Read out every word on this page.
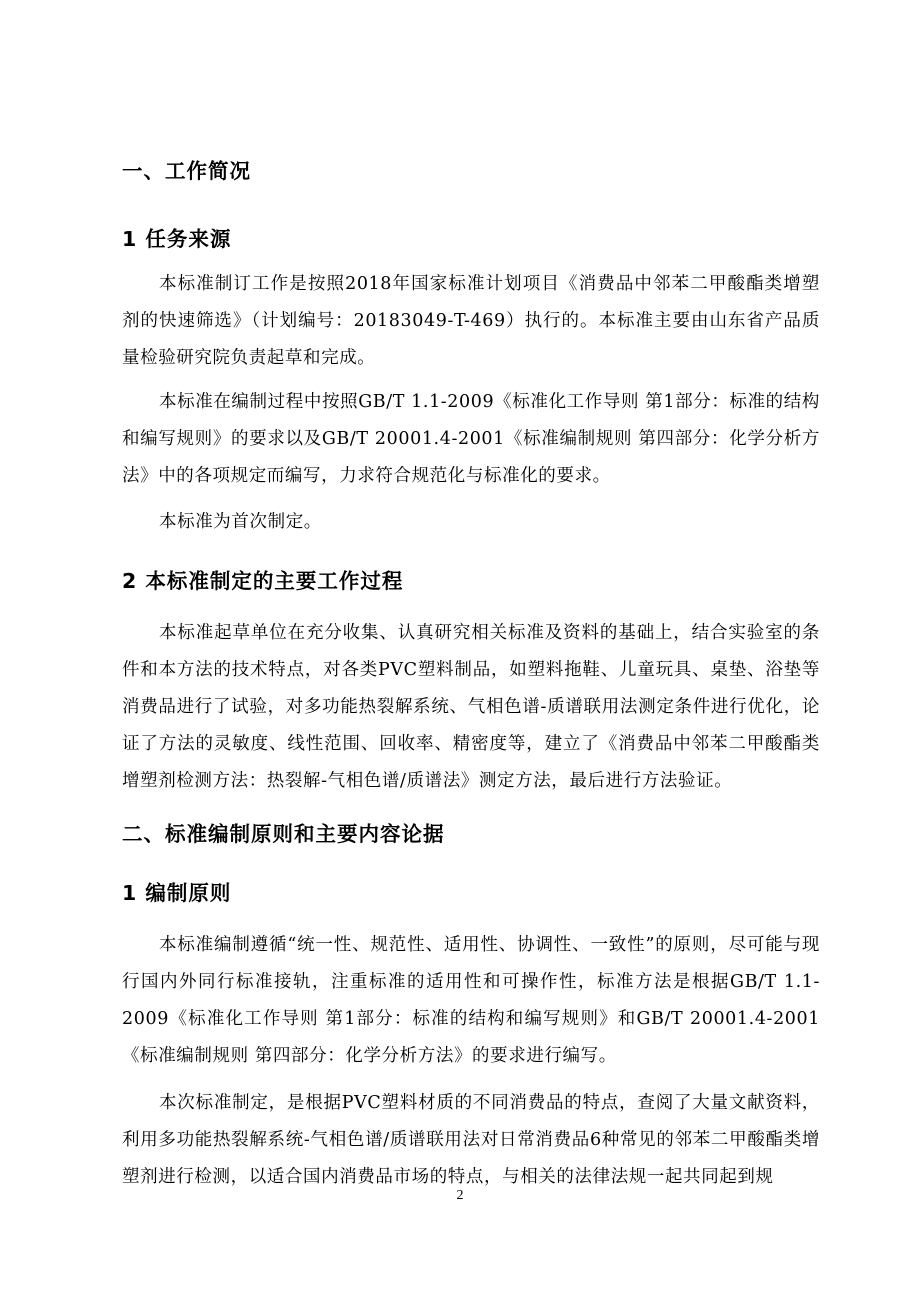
一、工作简况
1 任务来源
本标准制订工作是按照2018年国家标准计划项目《消费品中邻苯二甲酸酯类增塑剂的快速筛选》（计划编号：20183049-T-469）执行的。本标准主要由山东省产品质量检验研究院负责起草和完成。
本标准在编制过程中按照GB/T 1.1-2009《标准化工作导则 第1部分：标准的结构和编写规则》的要求以及GB/T 20001.4-2001《标准编制规则 第四部分：化学分析方法》中的各项规定而编写，力求符合规范化与标准化的要求。
本标准为首次制定。
2 本标准制定的主要工作过程
本标准起草单位在充分收集、认真研究相关标准及资料的基础上，结合实验室的条件和本方法的技术特点，对各类PVC塑料制品，如塑料拖鞋、儿童玩具、桌垫、浴垫等消费品进行了试验，对多功能热裂解系统、气相色谱-质谱联用法测定条件进行优化，论证了方法的灵敏度、线性范围、回收率、精密度等，建立了《消费品中邻苯二甲酸酯类增塑剂检测方法：热裂解-气相色谱/质谱法》测定方法，最后进行方法验证。
二、标准编制原则和主要内容论据
1 编制原则
本标准编制遵循“统一性、规范性、适用性、协调性、一致性”的原则，尽可能与现行国内外同行标准接轨，注重标准的适用性和可操作性，标准方法是根据GB/T 1.1-2009《标准化工作导则 第1部分：标准的结构和编写规则》和GB/T 20001.4-2001《标准编制规则 第四部分：化学分析方法》的要求进行编写。
本次标准制定，是根据PVC塑料材质的不同消费品的特点，查阅了大量文献资料，利用多功能热裂解系统-气相色谱/质谱联用法对日常消费品6种常见的邻苯二甲酸酯类增塑剂进行检测，以适合国内消费品市场的特点，与相关的法律法规一起共同起到规
2
